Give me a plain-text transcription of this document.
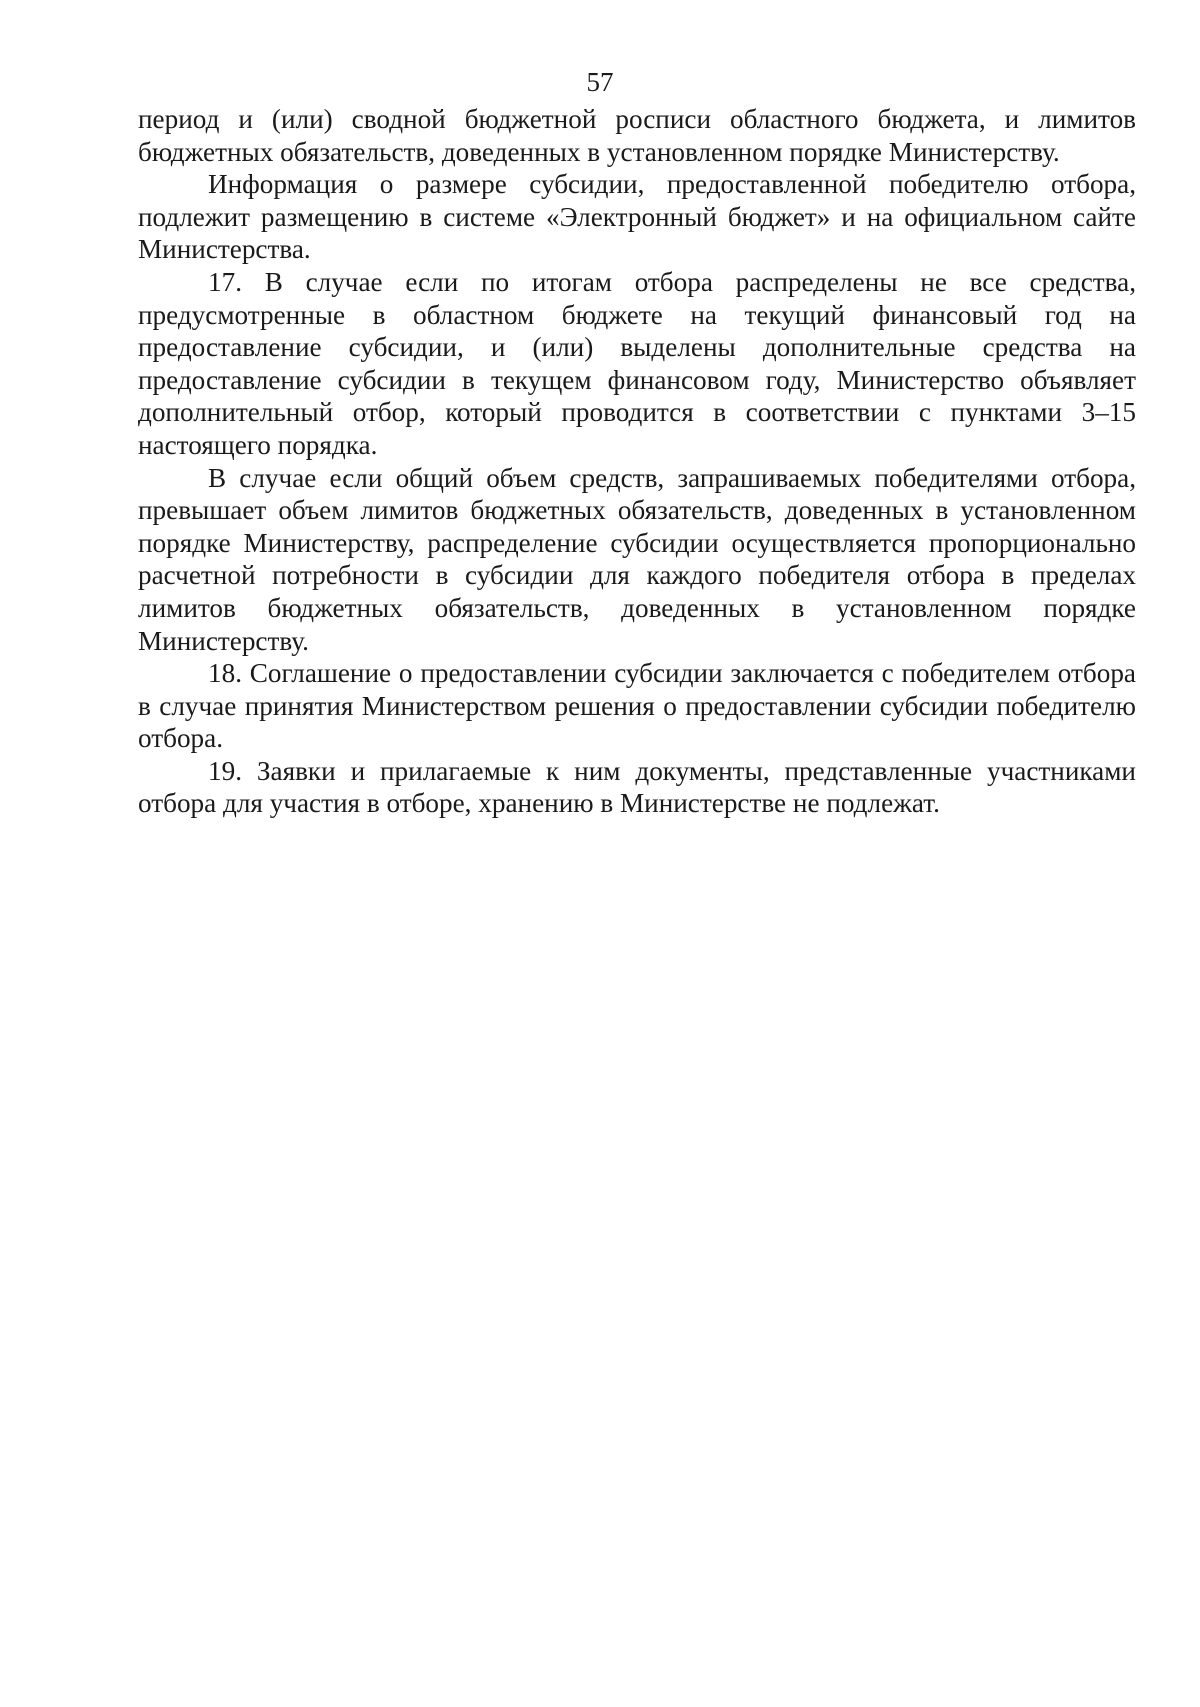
57

период и (или) сводной бюджетной росписи областного бюджета, и лимитов бюджетных обязательств, доведенных в установленном порядке Министерству.

Информация о размере субсидии, предоставленной победителю отбора, подлежит размещению в системе «Электронный бюджет» и на официальном сайте Министерства.

17. В случае если по итогам отбора распределены не все средства, предусмотренные в областном бюджете на текущий финансовый год на предоставление субсидии, и (или) выделены дополнительные средства на предоставление субсидии в текущем финансовом году, Министерство объявляет дополнительный отбор, который проводится в соответствии с пунктами 3–15 настоящего порядка.

В случае если общий объем средств, запрашиваемых победителями отбора, превышает объем лимитов бюджетных обязательств, доведенных в установленном порядке Министерству, распределение субсидии осуществляется пропорционально расчетной потребности в субсидии для каждого победителя отбора в пределах лимитов бюджетных обязательств, доведенных в установленном порядке Министерству.

18. Соглашение о предоставлении субсидии заключается с победителем отбора в случае принятия Министерством решения о предоставлении субсидии победителю отбора.

19. Заявки и прилагаемые к ним документы, представленные участниками отбора для участия в отборе, хранению в Министерстве не подлежат.
